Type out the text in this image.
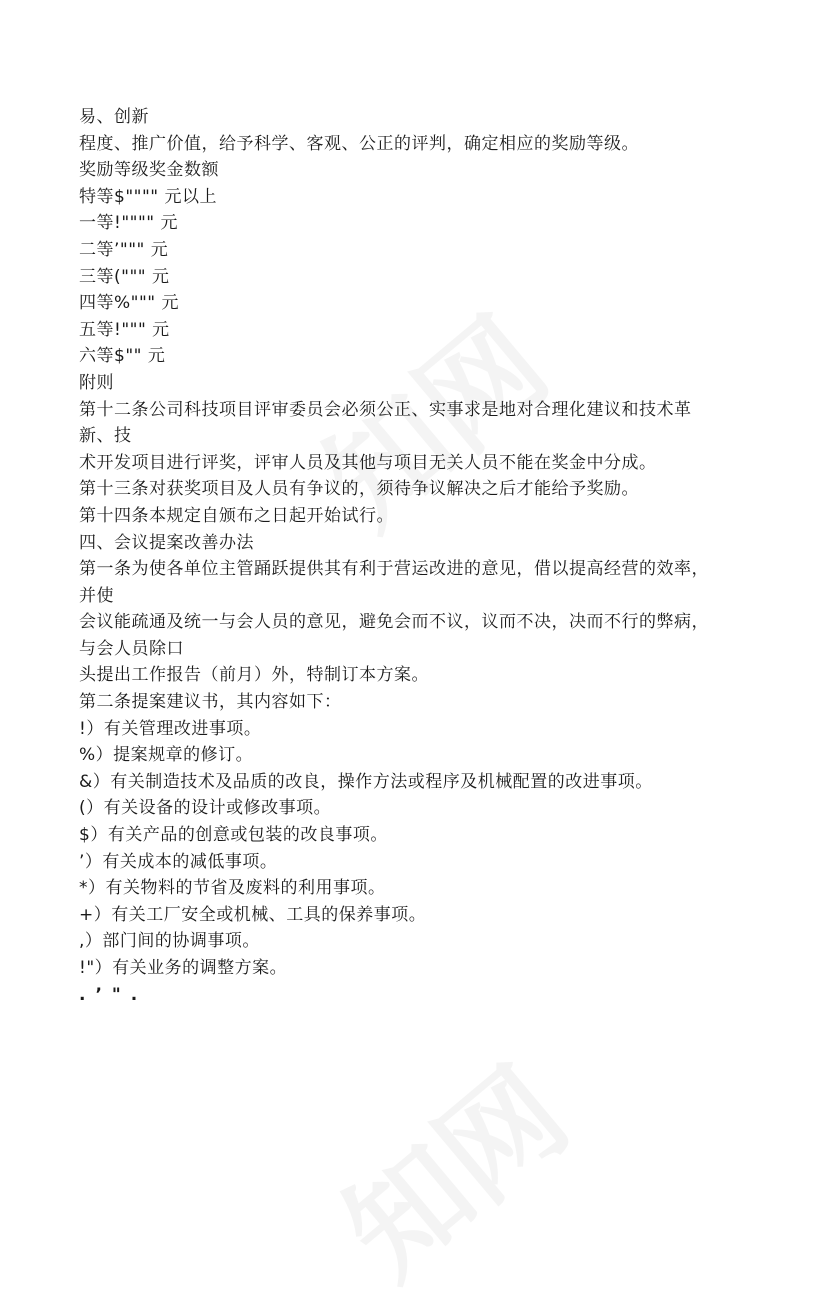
易、创新

程度、推广价值，给予科学、客观、公正的评判，确定相应的奖励等级。

奖励等级奖金数额

特等$"""" 元以上

一等!"""" 元

二等’""" 元

三等(""" 元

四等%""" 元

五等!""" 元

六等$"" 元

附则

第十二条公司科技项目评审委员会必须公正、实事求是地对合理化建议和技术革

新、技

术开发项目进行评奖，评审人员及其他与项目无关人员不能在奖金中分成。

第十三条对获奖项目及人员有争议的，须待争议解决之后才能给予奖励。

第十四条本规定自颁布之日起开始试行。

四、会议提案改善办法

第一条为使各单位主管踊跃提供其有利于营运改进的意见，借以提高经营的效率，

并使

会议能疏通及统一与会人员的意见，避免会而不议，议而不决，决而不行的弊病，

与会人员除口

头提出工作报告（前月）外，特制订本方案。

第二条提案建议书，其内容如下：

!）有关管理改进事项。

%）提案规章的修订。

&）有关制造技术及品质的改良，操作方法或程序及机械配置的改进事项。

(）有关设备的设计或修改事项。

$）有关产品的创意或包装的改良事项。

’）有关成本的减低事项。

*）有关物料的节省及废料的利用事项。

+）有关工厂安全或机械、工具的保养事项。

,）部门间的协调事项。

!"）有关业务的调整方案。

.’".
